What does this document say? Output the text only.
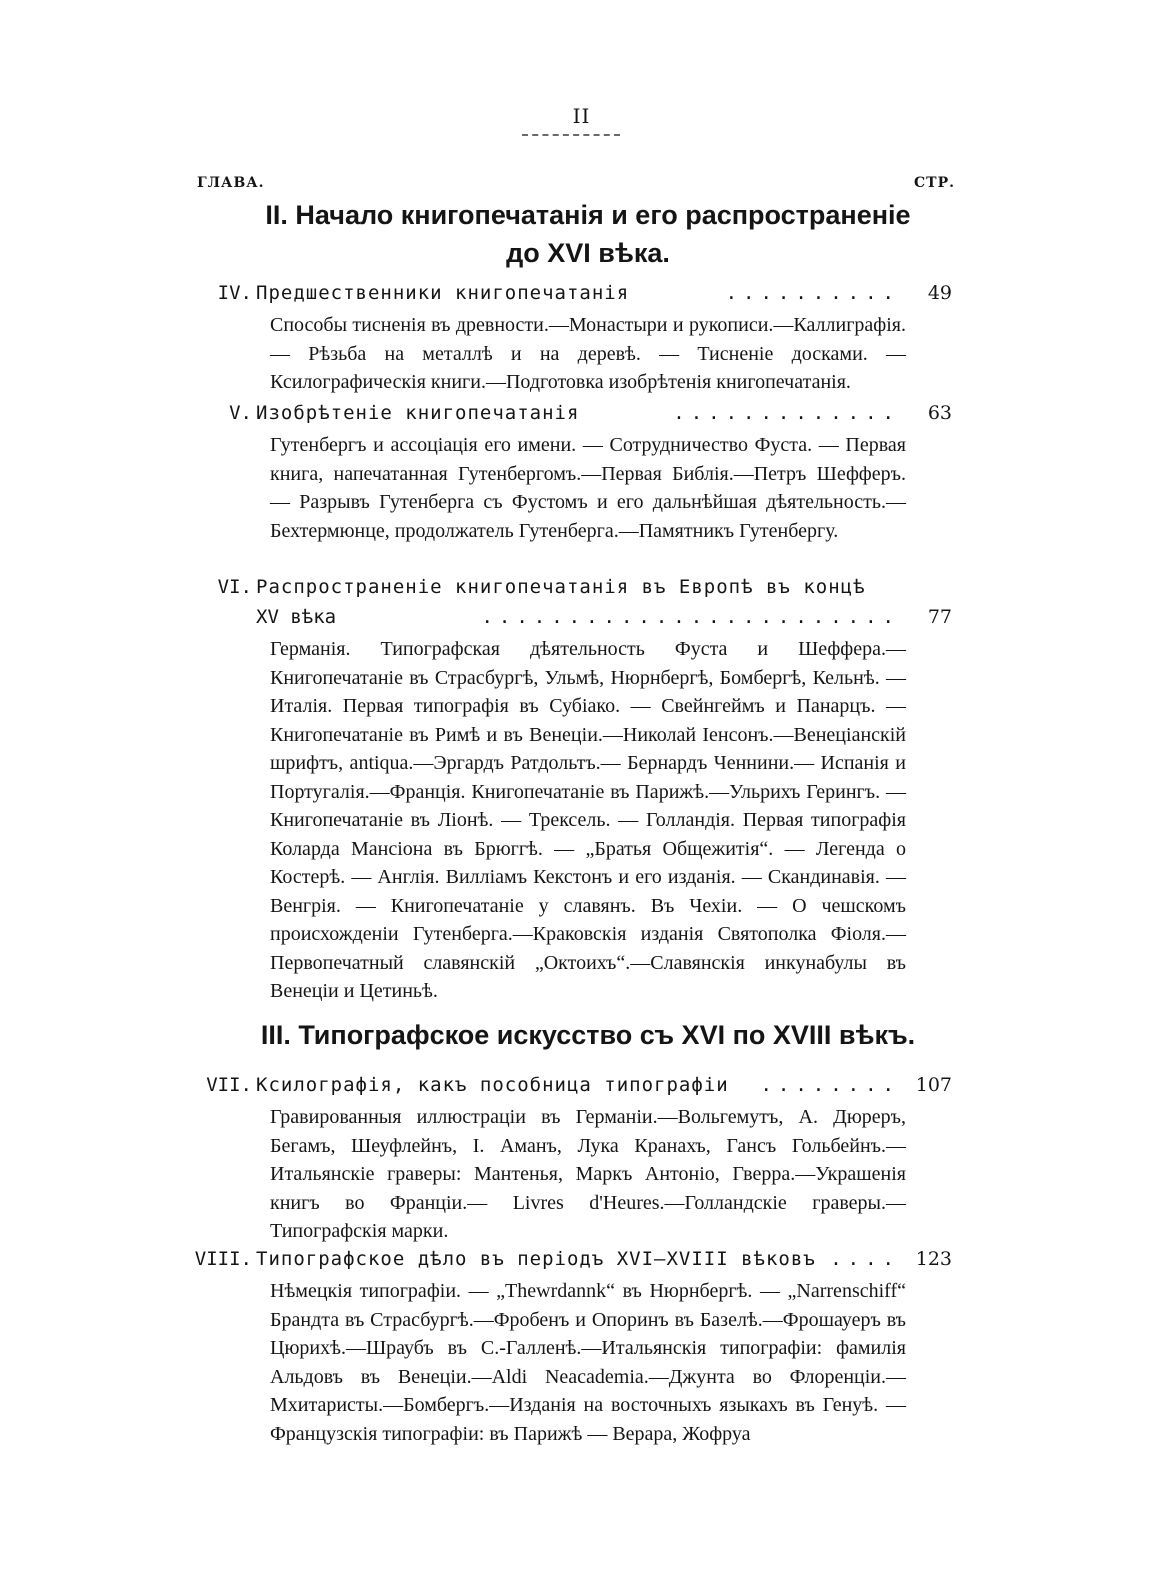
II
ГЛАВА.	СТР.
II. Начало книгопечатанія и его распространеніе
до XVI вѣка.
IV. Предшественники книгопечатанія	.......... 49
Способы тисненія въ древности.—Монастыри и рукописи.—Каллиграфія.— Рѣзьба на металлѣ и на деревѣ. — Тисненіе досками. — Ксилографическія книги.—Подготовка изобрѣтенія книгопечатанія.
V. Изобрѣтеніе книгопечатанія	............. 63
Гутенбергъ и ассоціація его имени. — Сотрудничество Фуста. — Первая книга, напечатанная Гутенбергомъ.—Первая Библія.—Петръ Шефферъ. — Разрывъ Гутенберга съ Фустомъ и его дальнѣйшая дѣятельность.—Бехтермюнце, продолжатель Гутенберга.—Памятникъ Гутенбергу.
VI. Распространеніе книгопечатанія въ Европѣ въ концѣ
XV вѣка	........................ 77
Германія. Типографская дѣятельность Фуста и Шеффера.—Книгопечатаніе въ Страсбургѣ, Ульмѣ, Нюрнбергѣ, Бомбергѣ, Кельнѣ. — Италія. Первая типографія въ Субіако. — Свейнгеймъ и Панарцъ. — Книгопечатаніе въ Римѣ и въ Венеціи.—Николай Іенсонъ.—Венеціанскій шрифтъ, antiqua.—Эргардъ Ратдольтъ.— Бернардъ Ченнини.— Испанія и Португалія.—Франція. Книгопечатаніе въ Парижѣ.—Ульрихъ Герингъ. — Книгопечатаніе въ Ліонѣ. — Трексель. — Голландія. Первая типографія Коларда Мансіона въ Брюггѣ. — „Братья Общежитія“. — Легенда о Костерѣ. — Англія. Вилліамъ Кекстонъ и его изданія. — Скандинавія. — Венгрія. — Книгопечатаніе у славянъ. Въ Чехіи. — О чешскомъ происхожденіи Гутенберга.—Краковскія изданія Святополка Фіоля.—Первопечатный славянскій „Октоихъ“.—Славянскія инкунабулы въ Венеціи и Цетиньѣ.
III. Типографское искусство съ XVI по XVIII вѣкъ.
VII. Ксилографія, какъ пособница типографіи ........ 107
Гравированныя иллюстраціи въ Германіи.—Вольгемутъ, А. Дюреръ, Бегамъ, Шеуфлейнъ, І. Аманъ, Лука Кранахъ, Гансъ Гольбейнъ.— Итальянскіе граверы: Мантенья, Маркъ Антоніо, Гверра.—Украшенія книгъ во Франціи.— Livres d'Heures.—Голландскіе граверы.—Типографскія марки.
VIII. Типографское дѣло въ періодъ XVI—XVIII вѣковъ .... 123
Нѣмецкія типографіи. — „Thewrdannk“ въ Нюрнбергѣ. — „Narrenschiff“ Брандта въ Страсбургѣ.—Фробенъ и Опоринъ въ Базелѣ.—Фрошауеръ въ Цюрихѣ.—Шраубъ въ С.-Галленѣ.—Итальянскія типографіи: фамилія Альдовъ въ Венеціи.—Aldi Neacademia.—Джунта во Флоренціи.—Мхитаристы.—Бомбергъ.—Изданія на восточныхъ языкахъ въ Генуѣ. — Французскія типографіи: въ Парижѣ — Верара, Жофруа
